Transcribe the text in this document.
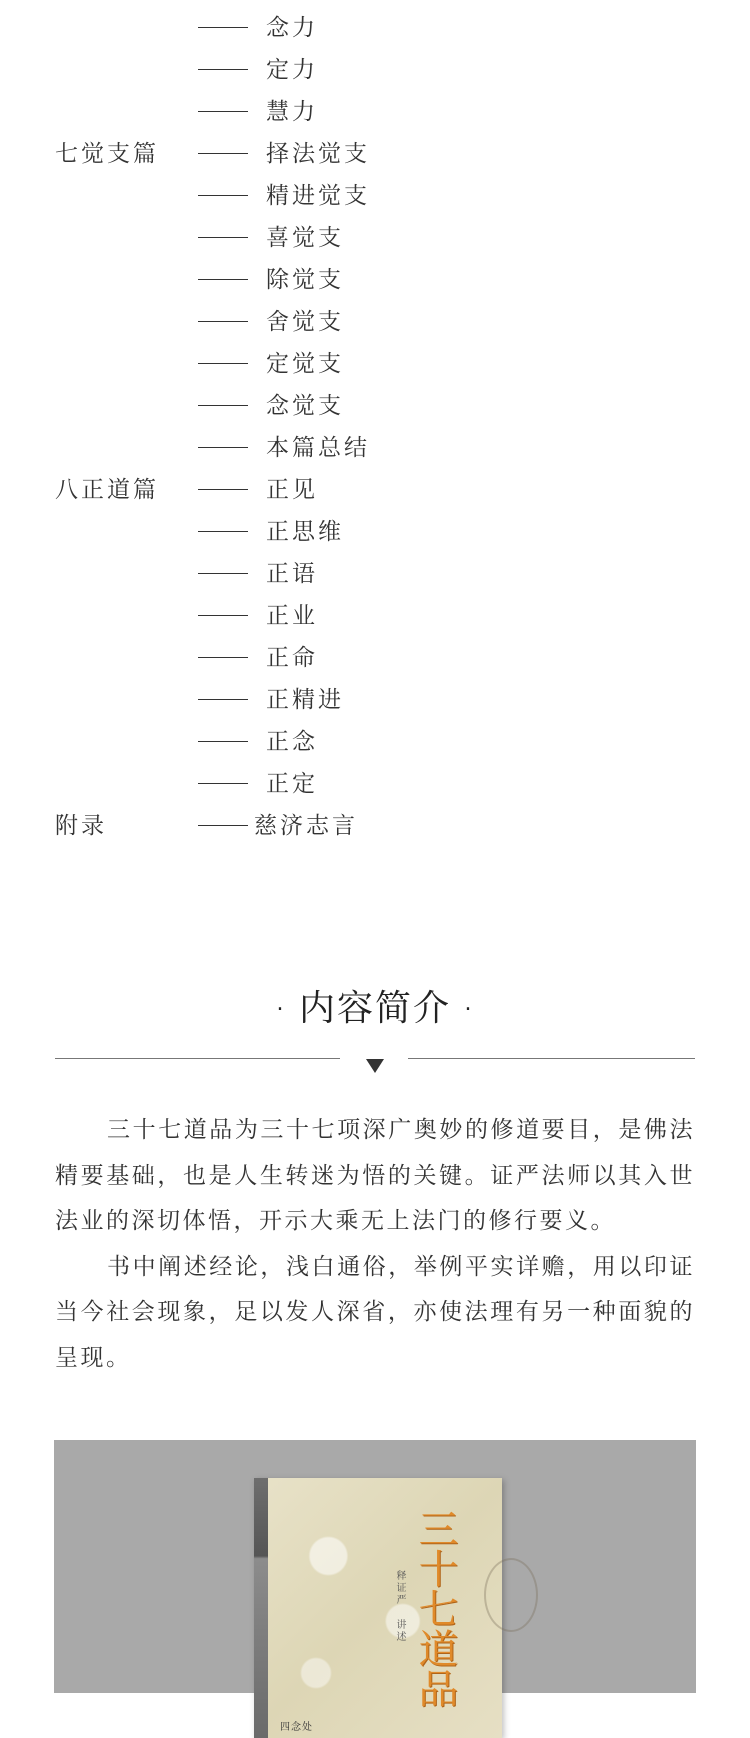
念力
定力
慧力
七觉支篇	择法觉支
精进觉支
喜觉支
除觉支
舍觉支
定觉支
念觉支
本篇总结
八正道篇	正见
正思维
正语
正业
正命
正精进
正念
正定
附录	慈济志言
· 内容简介 ·

三十七道品为三十七项深广奥妙的修道要目，是佛法精要基础，也是人生转迷为悟的关键。证严法师以其入世法业的深切体悟，开示大乘无上法门的修行要义。

书中阐述经论，浅白通俗，举例平实详赡，用以印证当今社会现象，足以发人深省，亦使法理有另一种面貌的呈现。

释证严 讲述 三十七道品
四念处
